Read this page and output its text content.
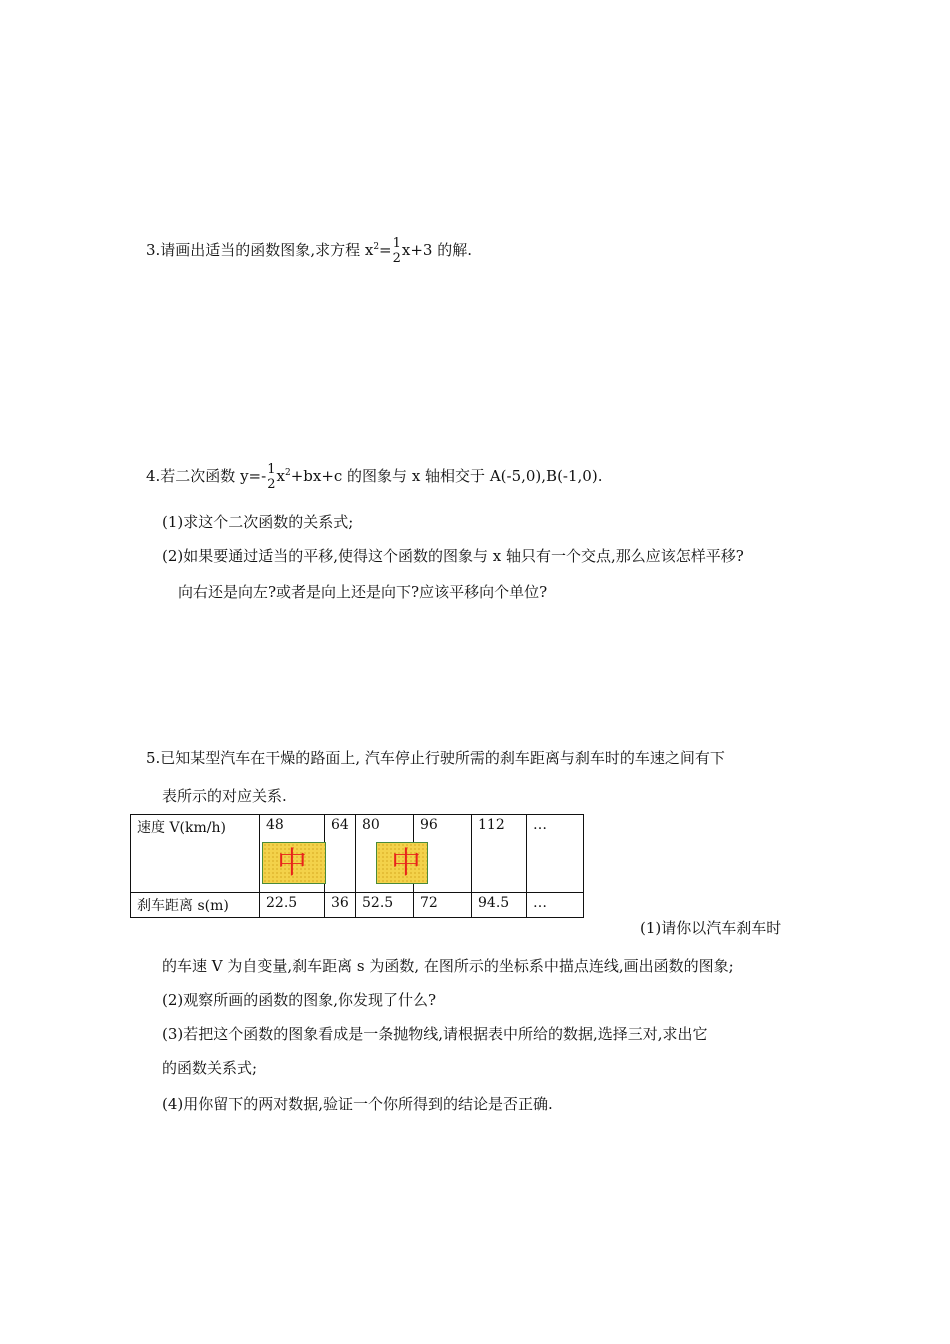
3.请画出适当的函数图象,求方程 $x^2= 1$
2 x+3 的解.
4.若二次函数 y=- 1
2 $x^2+bx+c$ 的图象与 x 轴相交于 A(-5,0),B(-1,0).
(1)求这个二次函数的关系式;
(2)如果要通过适当的平移,使得这个函数的图象与 x 轴只有一个交点,那么应该怎样平移?
向右还是向左?或者是向上还是向下?应该平移向个单位?
5.已知某型汽车在干燥的路面上, 汽车停止行驶所需的刹车距离与刹车时的车速之间有下
表所示的对应关系.
速度 V(km/h)	48	64	80	96	112	…
刹车距离 s(m)	22.5	36	52.5	72	94.5	…
中	中
(1)请你以汽车刹车时
的车速 V 为自变量,刹车距离 s 为函数, 在图所示的坐标系中描点连线,画出函数的图象;
(2)观察所画的函数的图象,你发现了什么?
(3)若把这个函数的图象看成是一条抛物线,请根据表中所给的数据,选择三对,求出它
的函数关系式;
(4)用你留下的两对数据,验证一个你所得到的结论是否正确.
